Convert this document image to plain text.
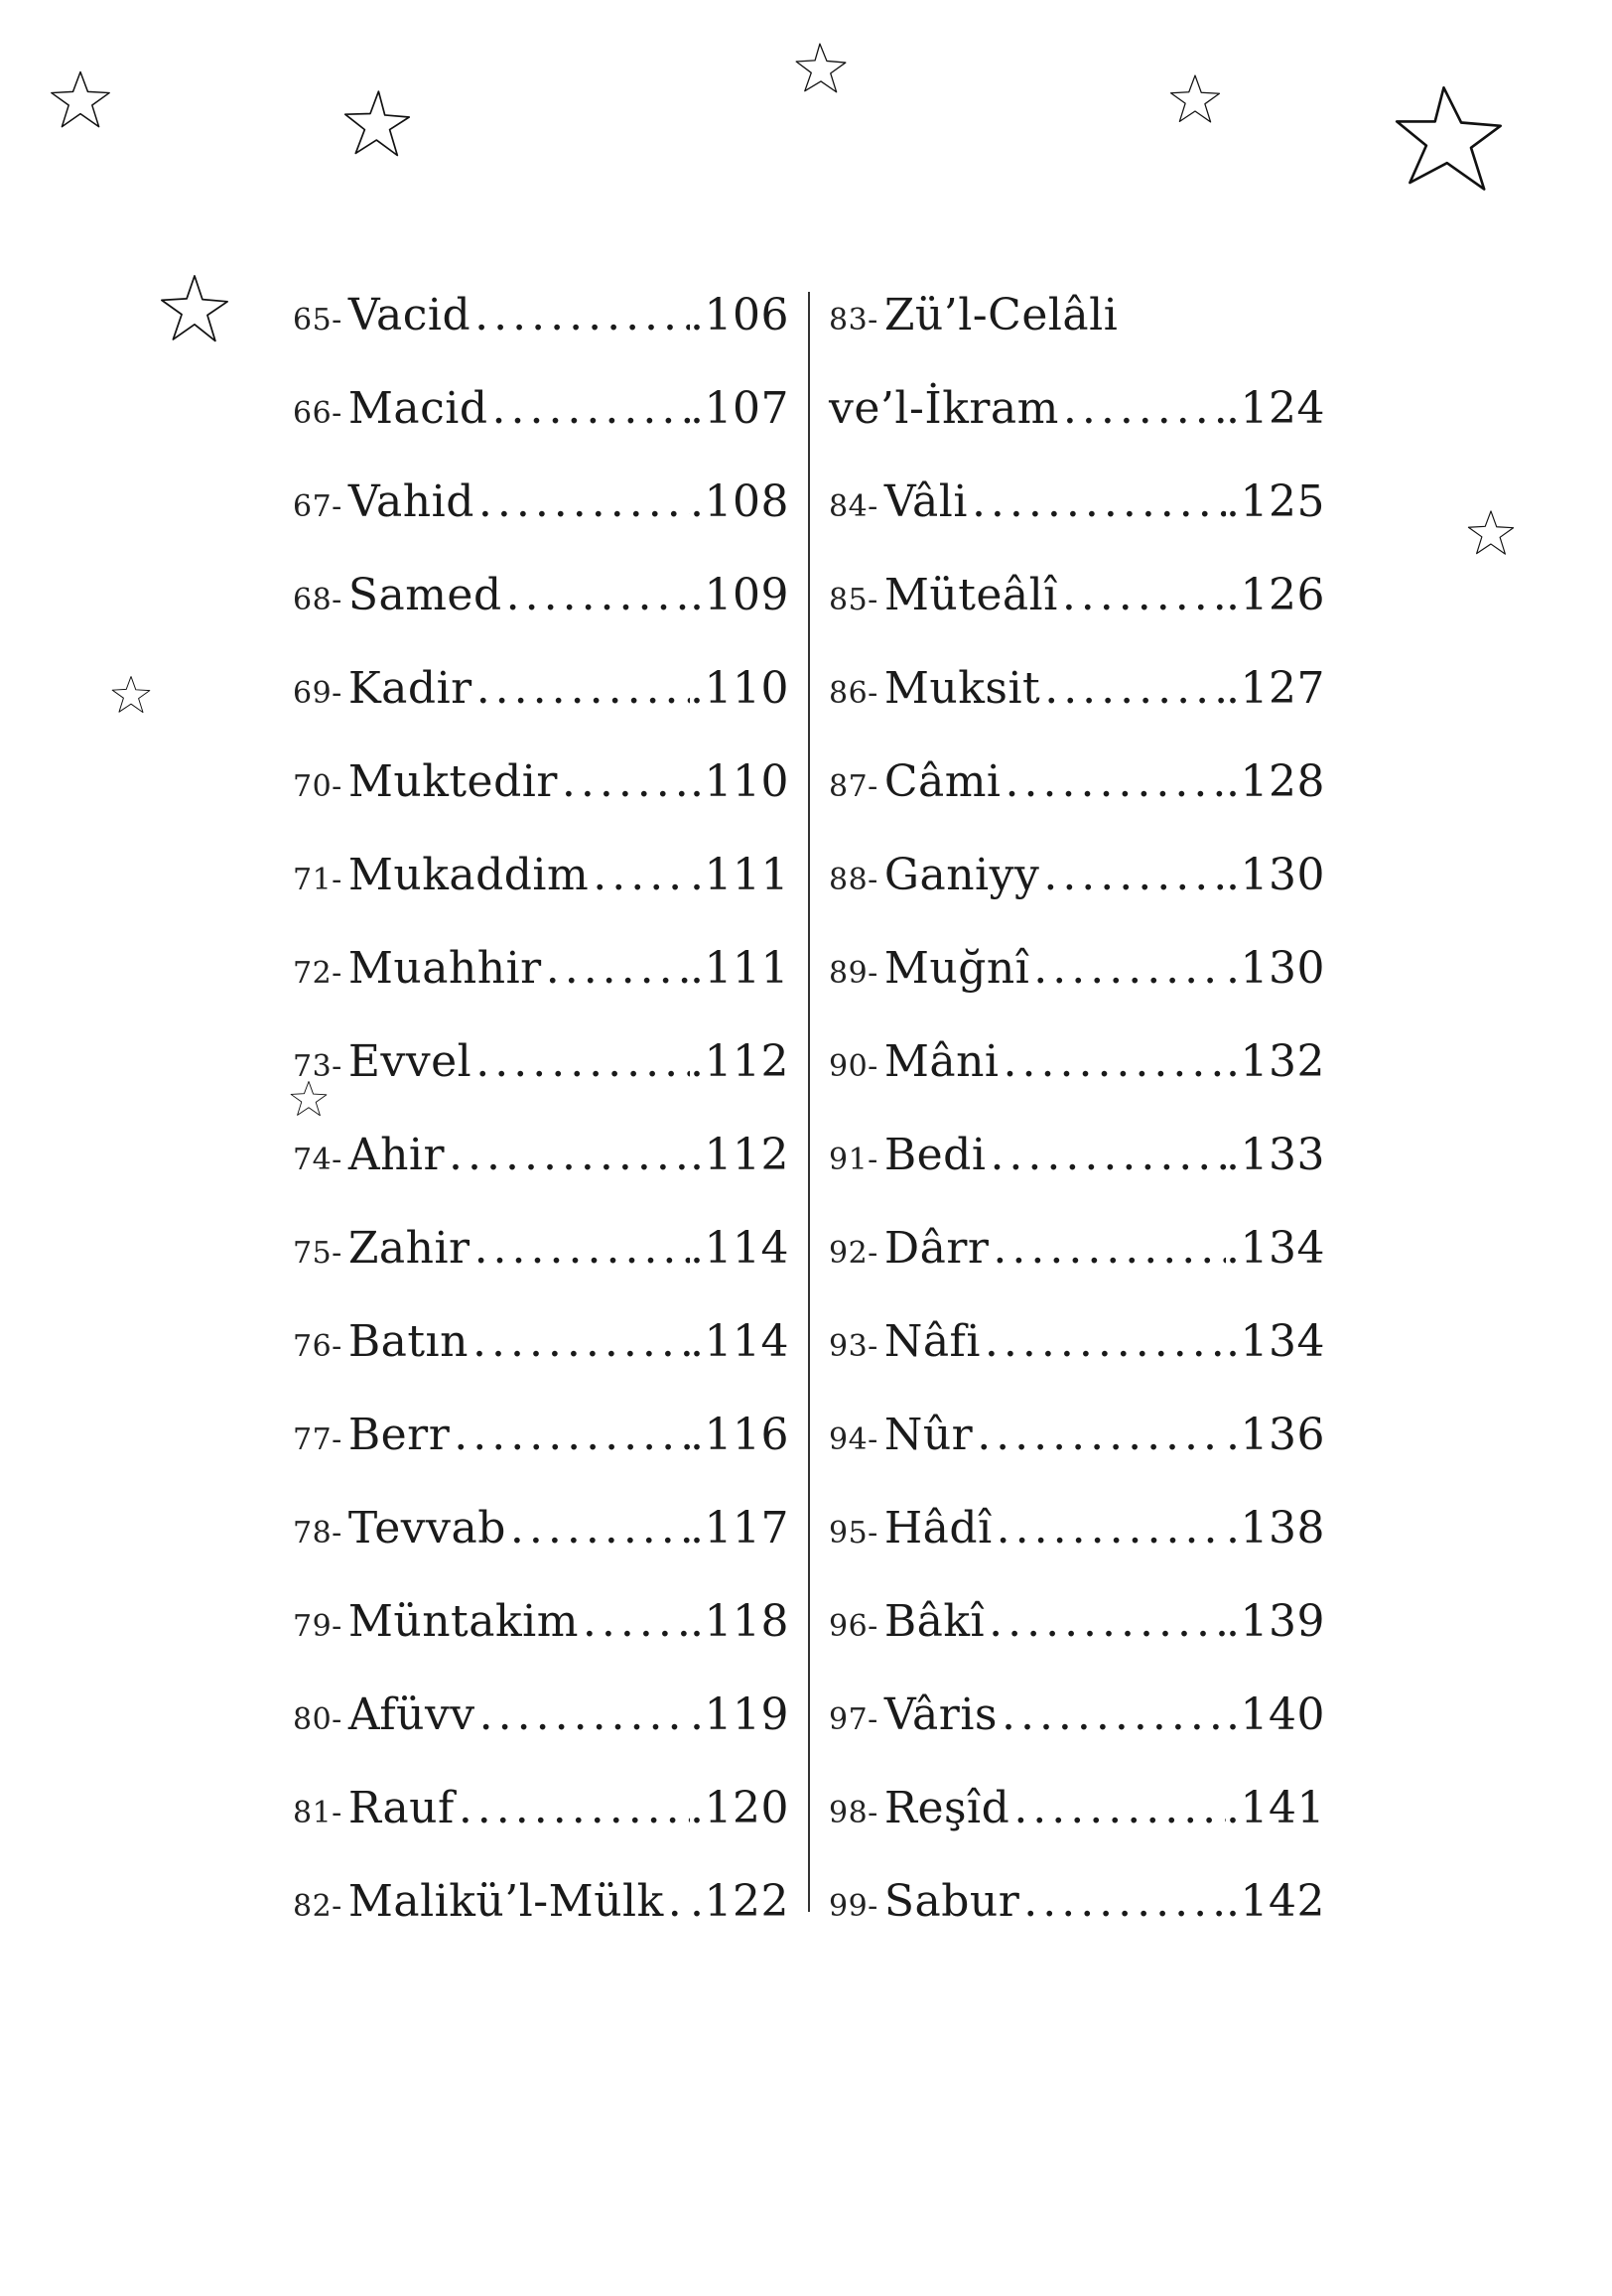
65- Vacid .....	.106
66- Macid .....	.107
67- Vahid .....	.108
68- Samed .....	.109
69- Kadir .....	.110
70- Muktedir .....	.110
71- Mukaddim ..... .111
72- Muahhir .....	.111
73- Evvel .....	.112
74- Ahir .....	.112
75- Zahir .....	.114
76- Batın .....	.114
77- Berr .....	.116
78- Tevvab .....	.117
79- Müntakim .....	.118
80- Afüvv .....	.119
81- Rauf .....	.120
82- Malikü’l-Mülk ..... .122
83- Zü’l-Celâli
ve’l-İkram .....	.124
84- Vâli .....	.125
85- Müteâlî .....	.126
86- Muksit .....	.127
87- Câmi .....	.128
88- Ganiyy .....	.130
89- Muğnî .....	.130
90- Mâni .....	.132
91- Bedi .....	.133
92- Dârr .....	.134
93- Nâfi .....	.134
94- Nûr .....	.136
95- Hâdî .....	.138
96- Bâkî .....	.139
97- Vâris .....	.140
98- Reşîd .....	.141
99- Sabur .....	.142
